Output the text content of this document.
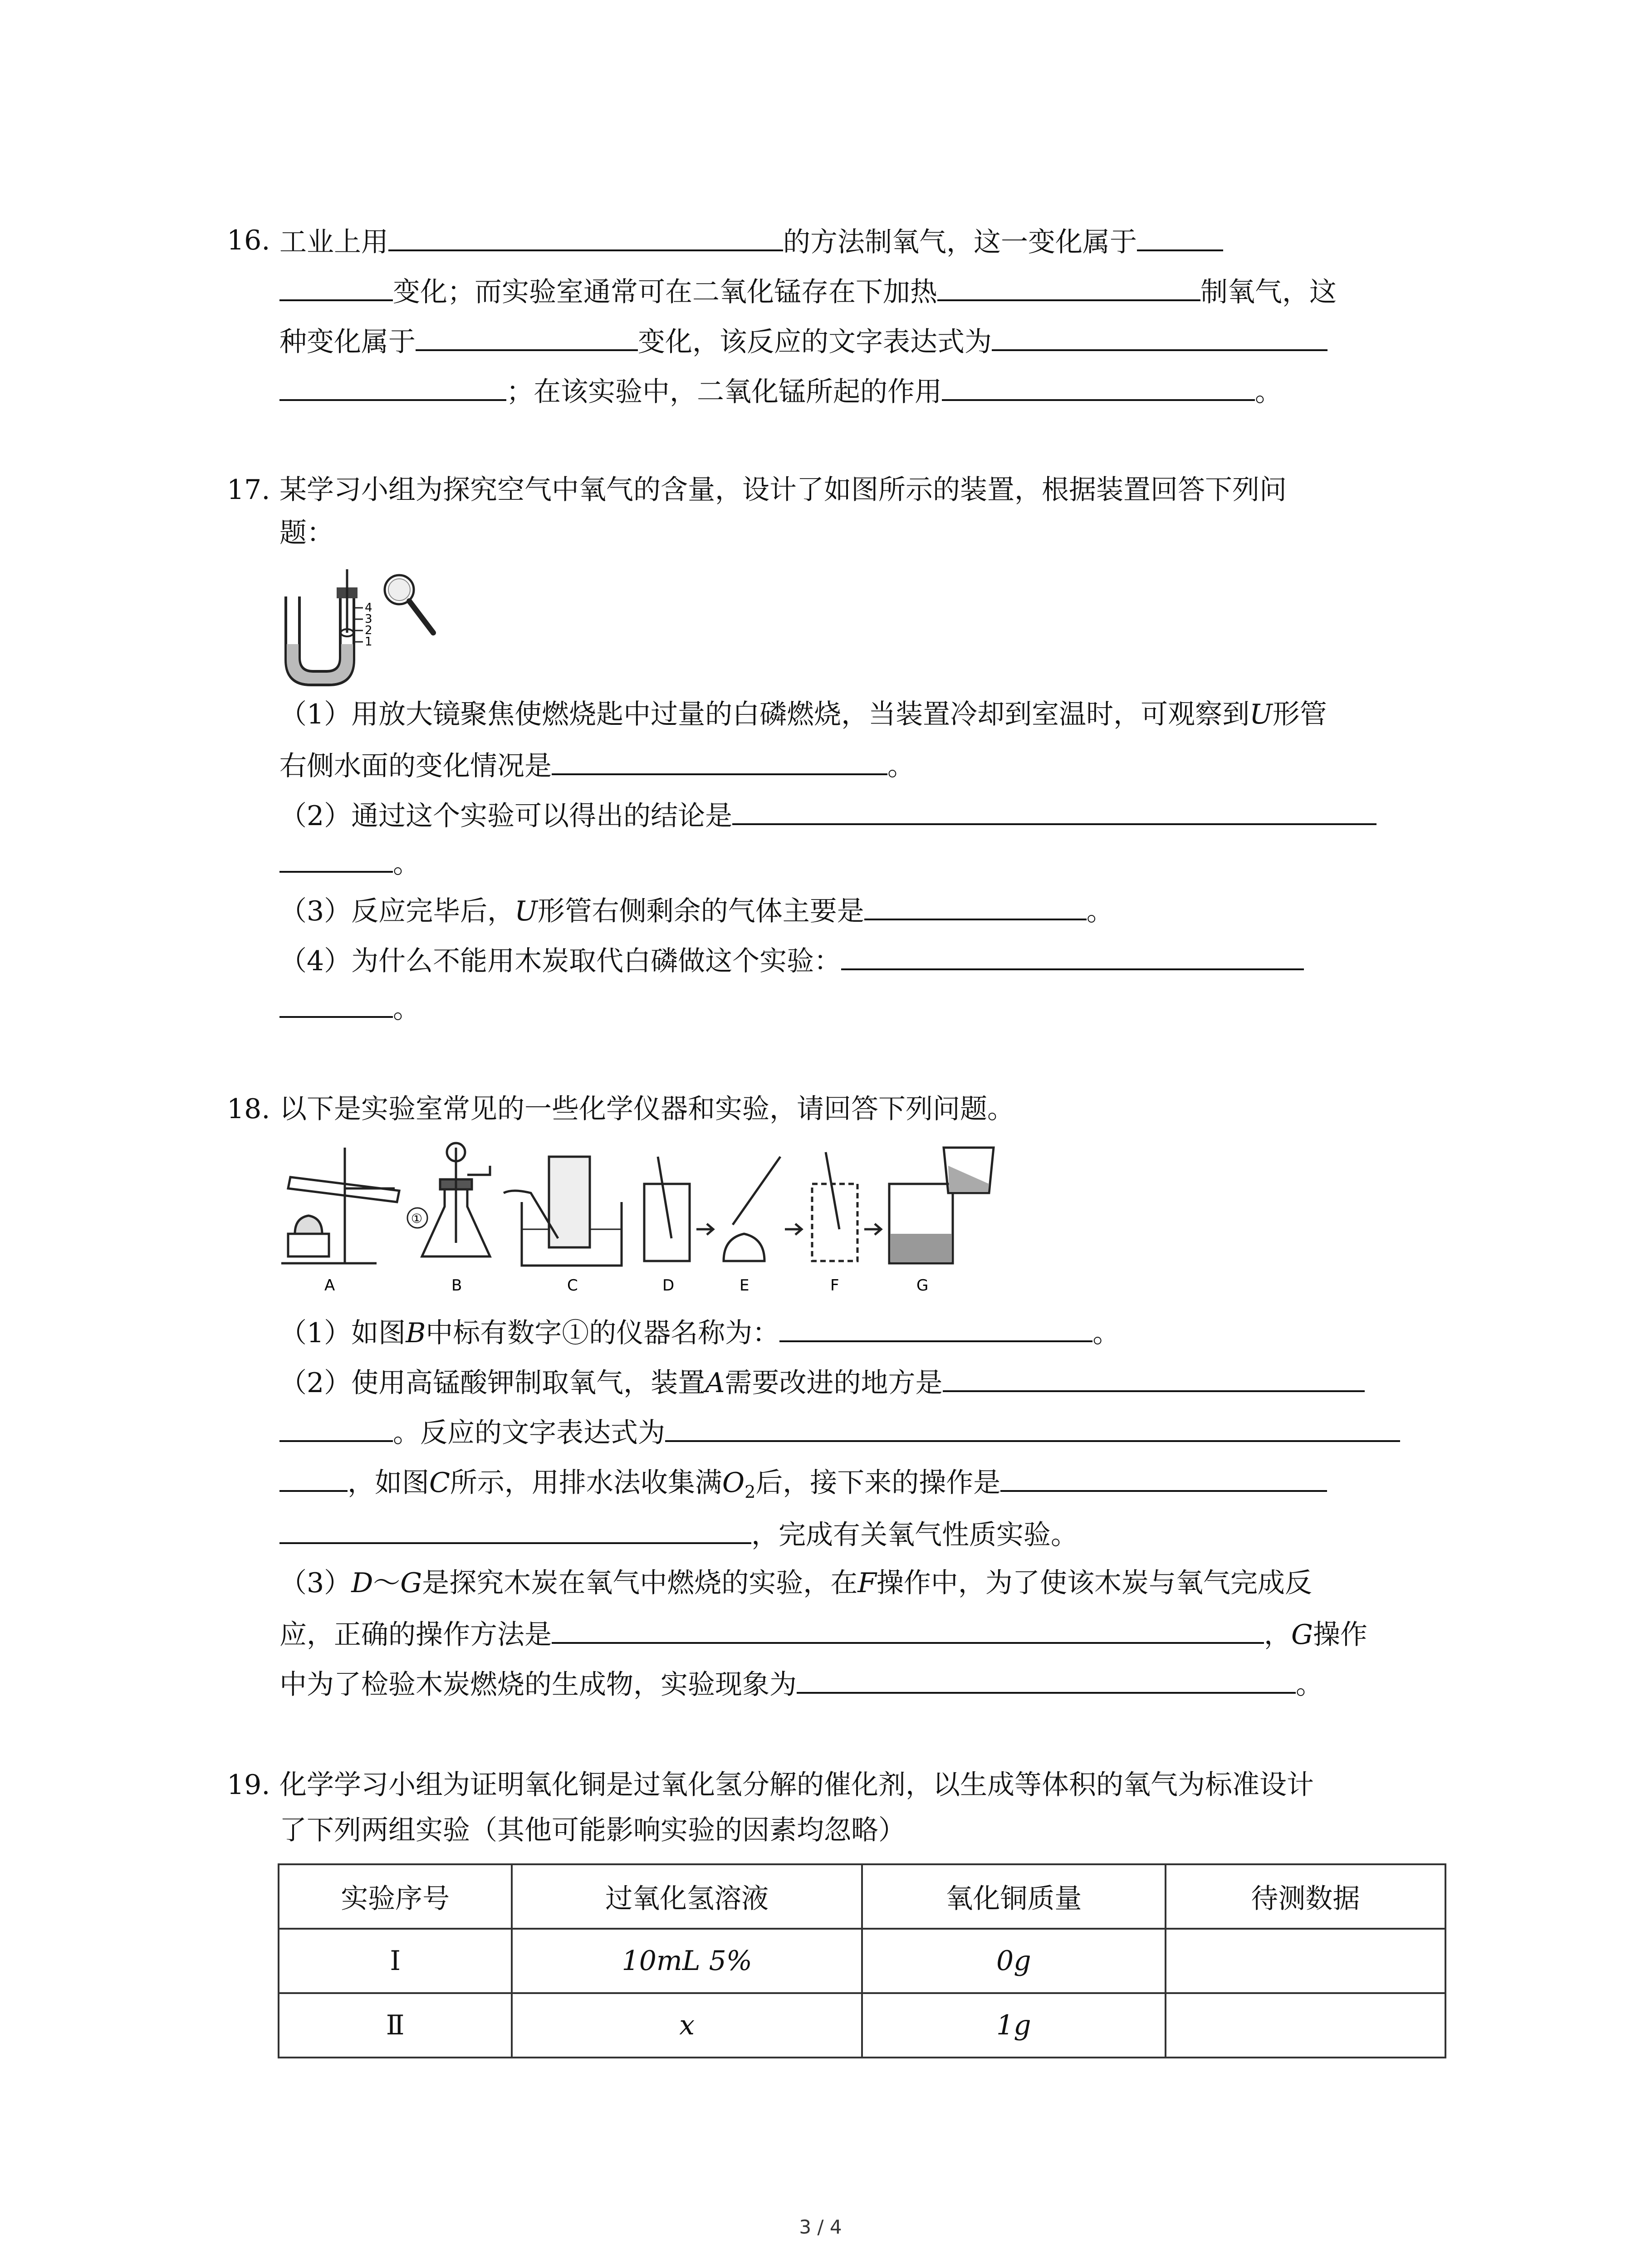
16. 工业上用	的方法制氧气，这一变化属于
变化；而实验室通常可在二氧化锰存在下加热	制氧气，这
种变化属于	变化，该反应的文字表达式为
；在该实验中，二氧化锰所起的作用	。
17. 某学习小组为探究空气中氧气的含量，设计了如图所示的装置，根据装置回答下列问
题：
4
3
2
1
（1）用放大镜聚焦使燃烧匙中过量的白磷燃烧，当装置冷却到室温时，可观察到U形管
右侧水面的变化情况是	。
（2）通过这个实验可以得出的结论是
。
（3）反应完毕后，U形管右侧剩余的气体主要是	。
（4）为什么不能用木炭取代白磷做这个实验：
。
18. 以下是实验室常见的一些化学仪器和实验，请回答下列问题。
A	B	C	D	E	F	G
①
（1）如图B中标有数字①的仪器名称为：	。
（2）使用高锰酸钾制取氧气，装置A需要改进的地方是
。反应的文字表达式为
，如图C所示，用排水法收集满$O_2$后，接下来的操作是
，完成有关氧气性质实验。
（3）D～G是探究木炭在氧气中燃烧的实验，在F操作中，为了使该木炭与氧气完成反
应，正确的操作方法是	，G操作
中为了检验木炭燃烧的生成物，实验现象为	。
19. 化学学习小组为证明氧化铜是过氧化氢分解的催化剂，以生成等体积的氧气为标准设计
了下列两组实验（其他可能影响实验的因素均忽略）
实验序号	过氧化氢溶液	氧化铜质量	待测数据
Ⅰ	10mL 5%	0g	
Ⅱ	x	1g	
3 / 4
